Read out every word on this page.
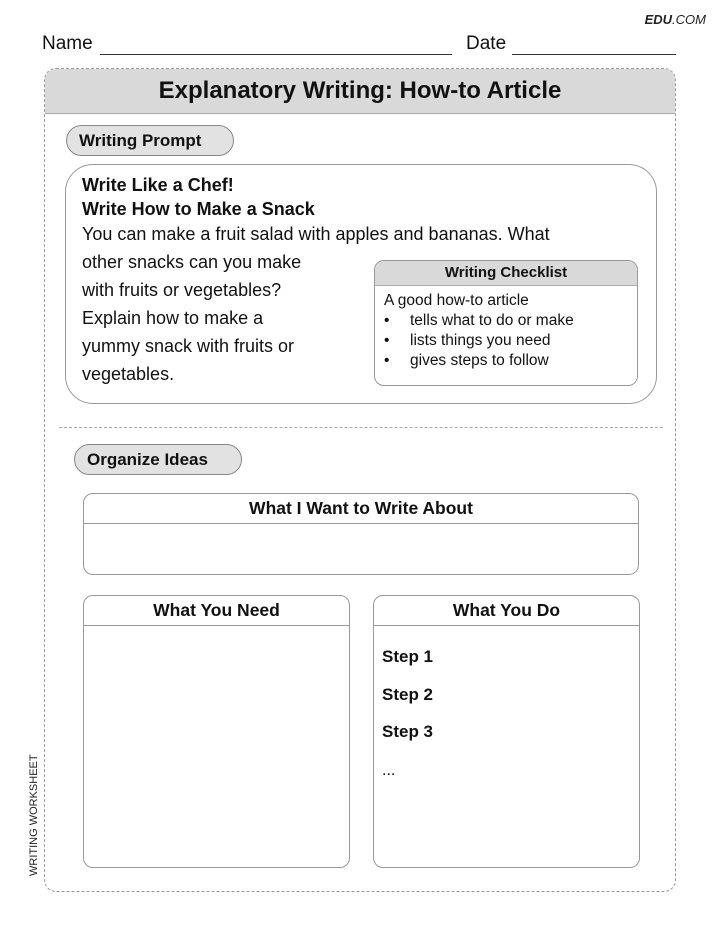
EDU.COM
Name	Date
WRITING WORKSHEET
Explanatory Writing: How-to Article
Writing Prompt
Write Like a Chef!
Write How to Make a Snack
You can make a fruit salad with apples and bananas. What
other snacks can you make
with fruits or vegetables?
Explain how to make a
yummy snack with fruits or
vegetables.
Writing Checklist
A good how-to article
•	tells what to do or make
•	lists things you need
•	gives steps to follow
Organize Ideas
What I Want to Write About
What You Need	What You Do
Step 1
Step 2
Step 3
...
